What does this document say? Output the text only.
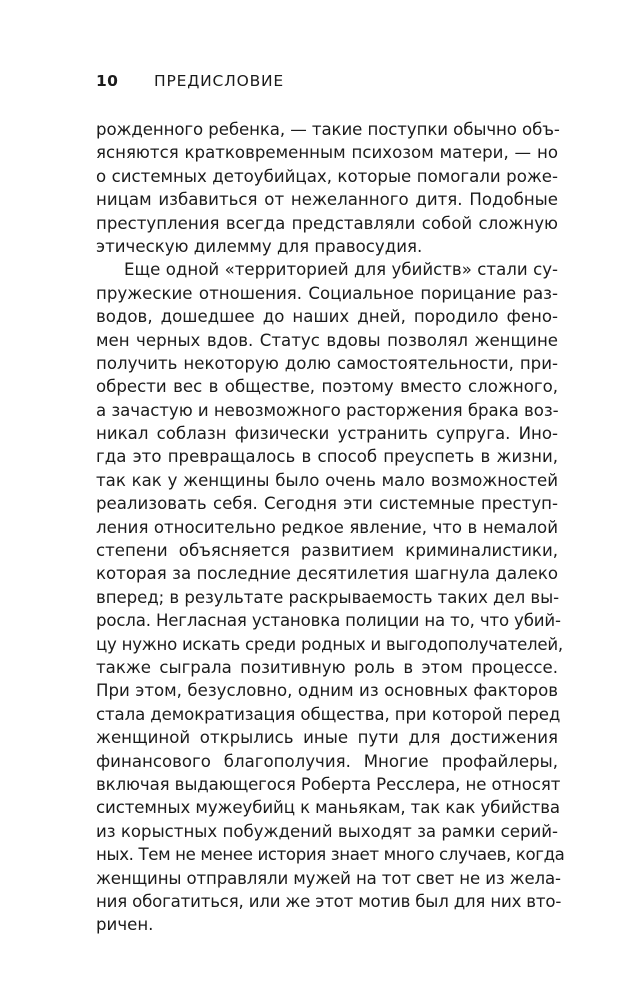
10	ПРЕДИСЛОВИЕ
рожденного ребенка, — такие поступки обычно объ-
ясняются кратковременным психозом матери, — но
о системных детоубийцах, которые помогали роже-
ницам избавиться от нежеланного дитя. Подобные
преступления всегда представляли собой сложную
этическую дилемму для правосудия.
Еще одной «территорией для убийств» стали су-
пружеские отношения. Социальное порицание раз-
водов, дошедшее до наших дней, породило фено-
мен черных вдов. Статус вдовы позволял женщине
получить некоторую долю самостоятельности, при-
обрести вес в обществе, поэтому вместо сложного,
а зачастую и невозможного расторжения брака воз-
никал соблазн физически устранить супруга. Ино-
гда это превращалось в способ преуспеть в жизни,
так как у женщины было очень мало возможностей
реализовать себя. Сегодня эти системные преступ-
ления относительно редкое явление, что в немалой
степени объясняется развитием криминалистики,
которая за последние десятилетия шагнула далеко
вперед; в результате раскрываемость таких дел вы-
росла. Негласная установка полиции на то, что убий-
цу нужно искать среди родных и выгодополучателей,
также сыграла позитивную роль в этом процессе.
При этом, безусловно, одним из основных факторов
стала демократизация общества, при которой перед
женщиной открылись иные пути для достижения
финансового благополучия. Многие профайлеры,
включая выдающегося Роберта Ресслера, не относят
системных мужеубийц к маньякам, так как убийства
из корыстных побуждений выходят за рамки серий-
ных. Тем не менее история знает много случаев, когда
женщины отправляли мужей на тот свет не из жела-
ния обогатиться, или же этот мотив был для них вто-
ричен.
